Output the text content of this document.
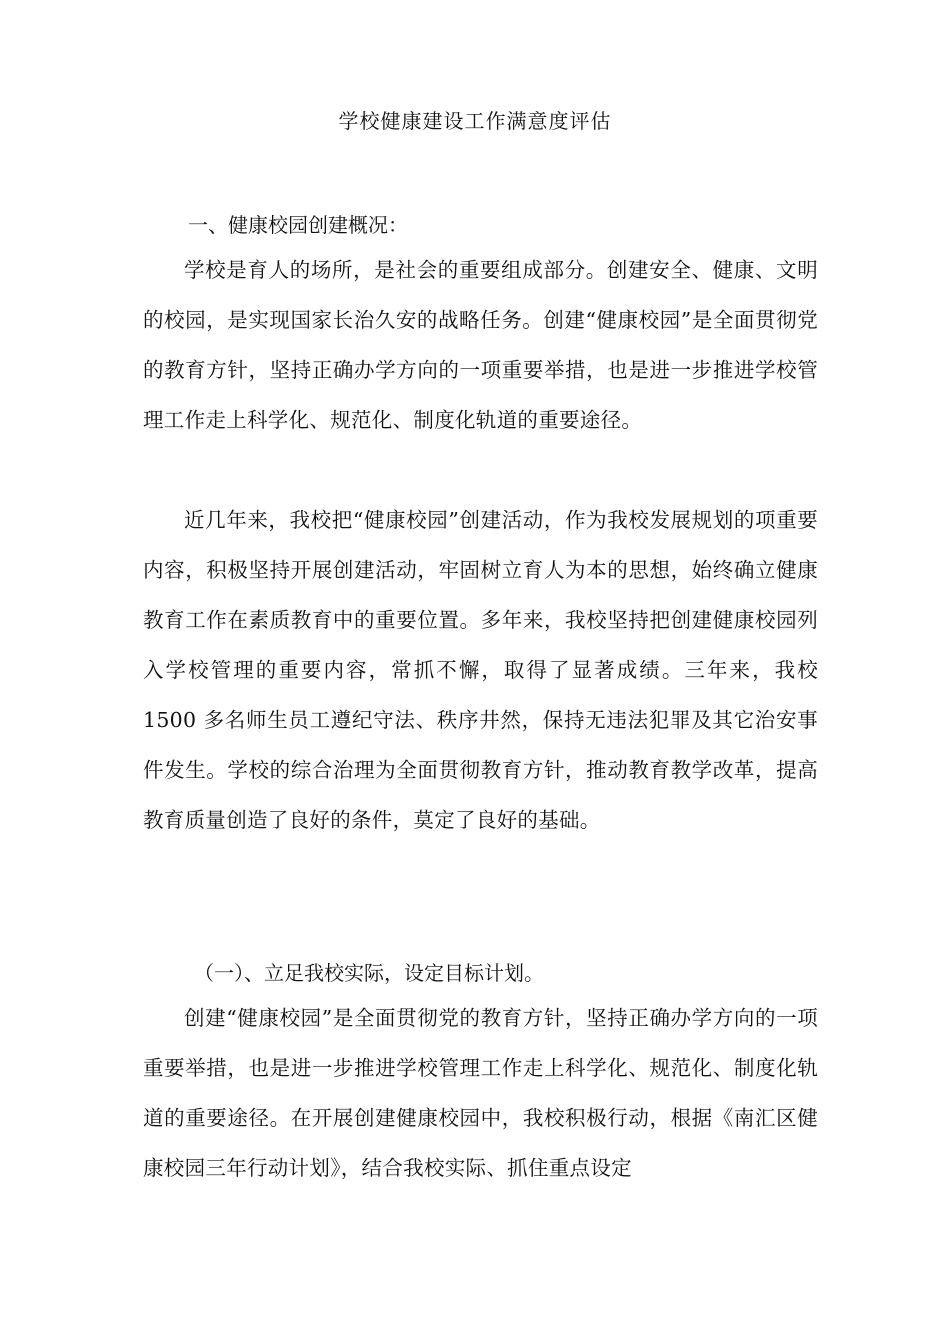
学校健康建设工作满意度评估
一、健康校园创建概况：
学校是育人的场所，是社会的重要组成部分。创建安全、健康、文明的校园，是实现国家长治久安的战略任务。创建“健康校园”是全面贯彻党的教育方针，坚持正确办学方向的一项重要举措，也是进一步推进学校管理工作走上科学化、规范化、制度化轨道的重要途径。
近几年来，我校把“健康校园”创建活动，作为我校发展规划的项重要内容，积极坚持开展创建活动，牢固树立育人为本的思想，始终确立健康教育工作在素质教育中的重要位置。多年来，我校坚持把创建健康校园列入学校管理的重要内容，常抓不懈，取得了显著成绩。三年来，我校 1500 多名师生员工遵纪守法、秩序井然，保持无违法犯罪及其它治安事件发生。学校的综合治理为全面贯彻教育方针，推动教育教学改革，提高教育质量创造了良好的条件，莫定了良好的基础。
（一）、立足我校实际，设定目标计划。
创建“健康校园”是全面贯彻党的教育方针，坚持正确办学方向的一项重要举措，也是进一步推进学校管理工作走上科学化、规范化、制度化轨道的重要途径。在开展创建健康校园中，我校积极行动，根据《南汇区健康校园三年行动计划》，结合我校实际、抓住重点设定
